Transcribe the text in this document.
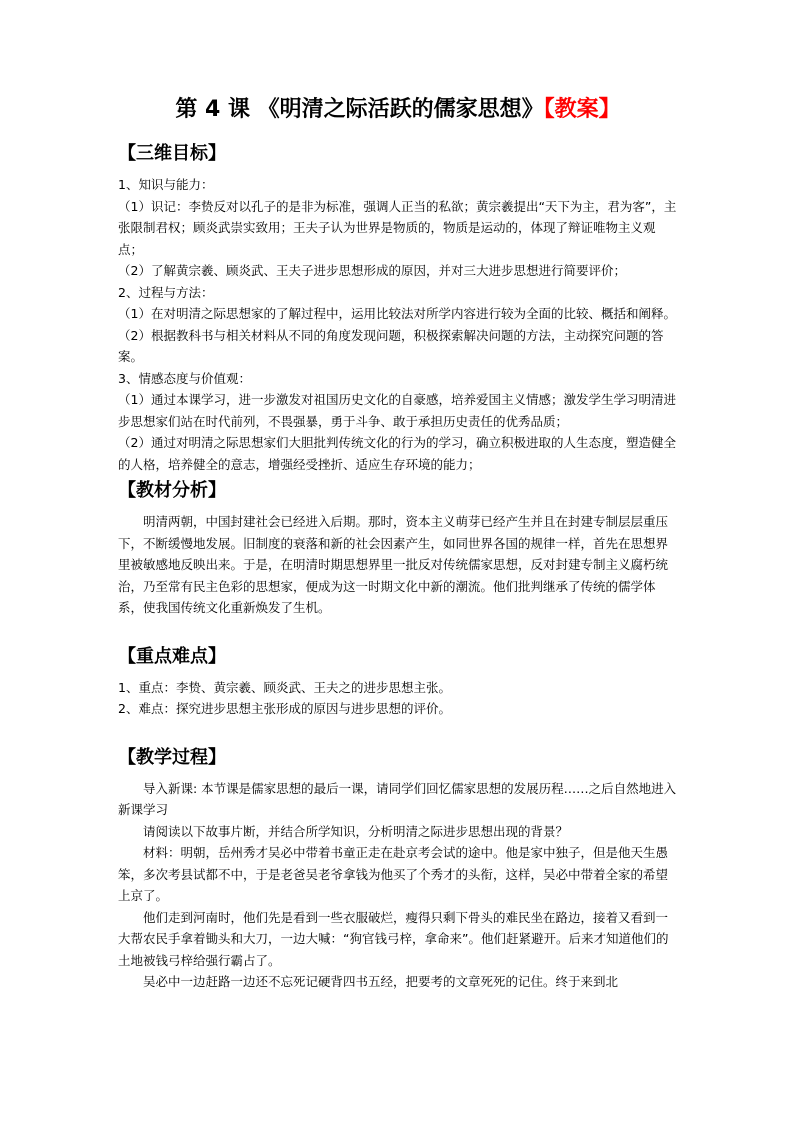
第 4 课 《明清之际活跃的儒家思想》【教案】
【三维目标】

1、知识与能力：

（1）识记：李贽反对以孔子的是非为标准，强调人正当的私欲；黄宗羲提出“天下为主，君为客”，主张限制君权；顾炎武崇实致用；王夫子认为世界是物质的，物质是运动的，体现了辩证唯物主义观点；

（2）了解黄宗羲、顾炎武、王夫子进步思想形成的原因，并对三大进步思想进行简要评价；

2、过程与方法：

（1）在对明清之际思想家的了解过程中，运用比较法对所学内容进行较为全面的比较、概括和阐释。

（2）根据教科书与相关材料从不同的角度发现问题，积极探索解决问题的方法，主动探究问题的答案。

3、情感态度与价值观：

（1）通过本课学习，进一步激发对祖国历史文化的自豪感，培养爱国主义情感；激发学生学习明清进步思想家们站在时代前列，不畏强暴，勇于斗争、敢于承担历史责任的优秀品质；

（2）通过对明清之际思想家们大胆批判传统文化的行为的学习，确立积极进取的人生态度，塑造健全的人格，培养健全的意志，增强经受挫折、适应生存环境的能力；

【教材分析】

明清两朝，中国封建社会已经进入后期。那时，资本主义萌芽已经产生并且在封建专制层层重压下，不断缓慢地发展。旧制度的衰落和新的社会因素产生，如同世界各国的规律一样，首先在思想界里被敏感地反映出来。于是，在明清时期思想界里一批反对传统儒家思想，反对封建专制主义腐朽统治，乃至常有民主色彩的思想家，便成为这一时期文化中新的潮流。他们批判继承了传统的儒学体系，使我国传统文化重新焕发了生机。

【重点难点】

1、重点：李贽、黄宗羲、顾炎武、王夫之的进步思想主张。

2、难点：探究进步思想主张形成的原因与进步思想的评价。

【教学过程】

导入新课: 本节课是儒家思想的最后一课，请同学们回忆儒家思想的发展历程……之后自然地进入新课学习

请阅读以下故事片断，并结合所学知识，分析明清之际进步思想出现的背景？

材料：明朝，岳州秀才吴必中带着书童正走在赴京考会试的途中。他是家中独子，但是他天生愚笨，多次考县试都不中，于是老爸吴老爷拿钱为他买了个秀才的头衔，这样，吴必中带着全家的希望上京了。

他们走到河南时，他们先是看到一些衣服破烂，瘦得只剩下骨头的难民坐在路边，接着又看到一大帮农民手拿着锄头和大刀，一边大喊：“狗官钱弓梓，拿命来”。他们赶紧避开。后来才知道他们的土地被钱弓梓给强行霸占了。

吴必中一边赶路一边还不忘死记硬背四书五经，把要考的文章死死的记住。终于来到北
